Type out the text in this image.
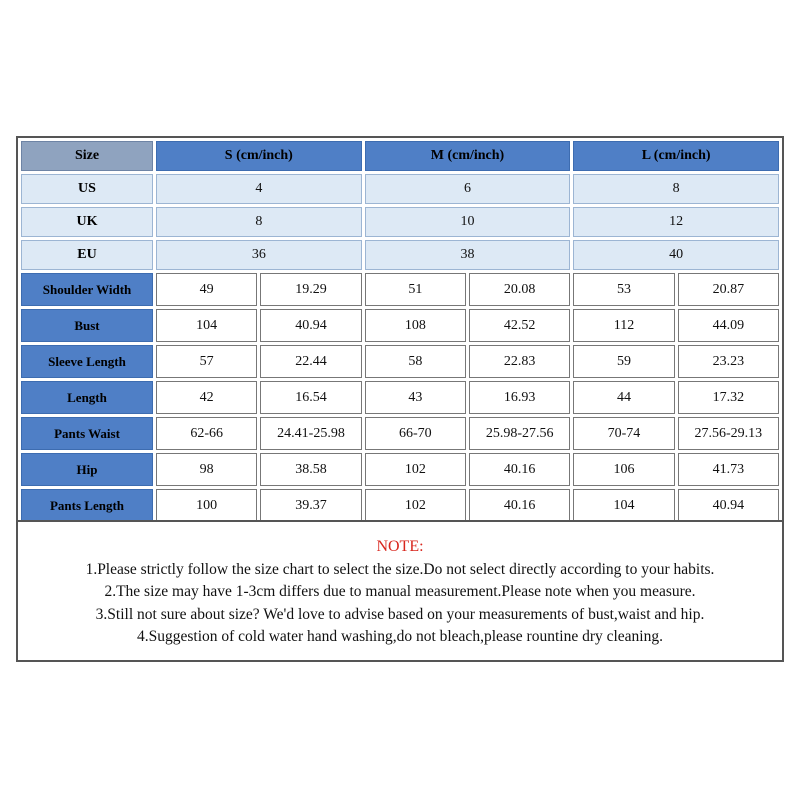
Size	S (cm/inch)		M (cm/inch)		L (cm/inch)	
US	4		6		8	
UK	8		10		12	
EU	36		38		40	
Shoulder Width	49	19.29	51	20.08	53	20.87
Bust	104	40.94	108	42.52	112	44.09
Sleeve Length	57	22.44	58	22.83	59	23.23
Length	42	16.54	43	16.93	44	17.32
Pants Waist	62-66	24.41-25.98	66-70	25.98-27.56	70-74	27.56-29.13
Hip	98	38.58	102	40.16	106	41.73
Pants Length	100	39.37	102	40.16	104	40.94
NOTE:
1.Please strictly follow the size chart to select the size.Do not select directly according to your habits.
2.The size may have 1-3cm differs due to manual measurement.Please note when you measure.
3.Still not sure about size? We'd love to advise based on your measurements of bust,waist and hip.
4.Suggestion of cold water hand washing,do not bleach,please rountine dry cleaning.
